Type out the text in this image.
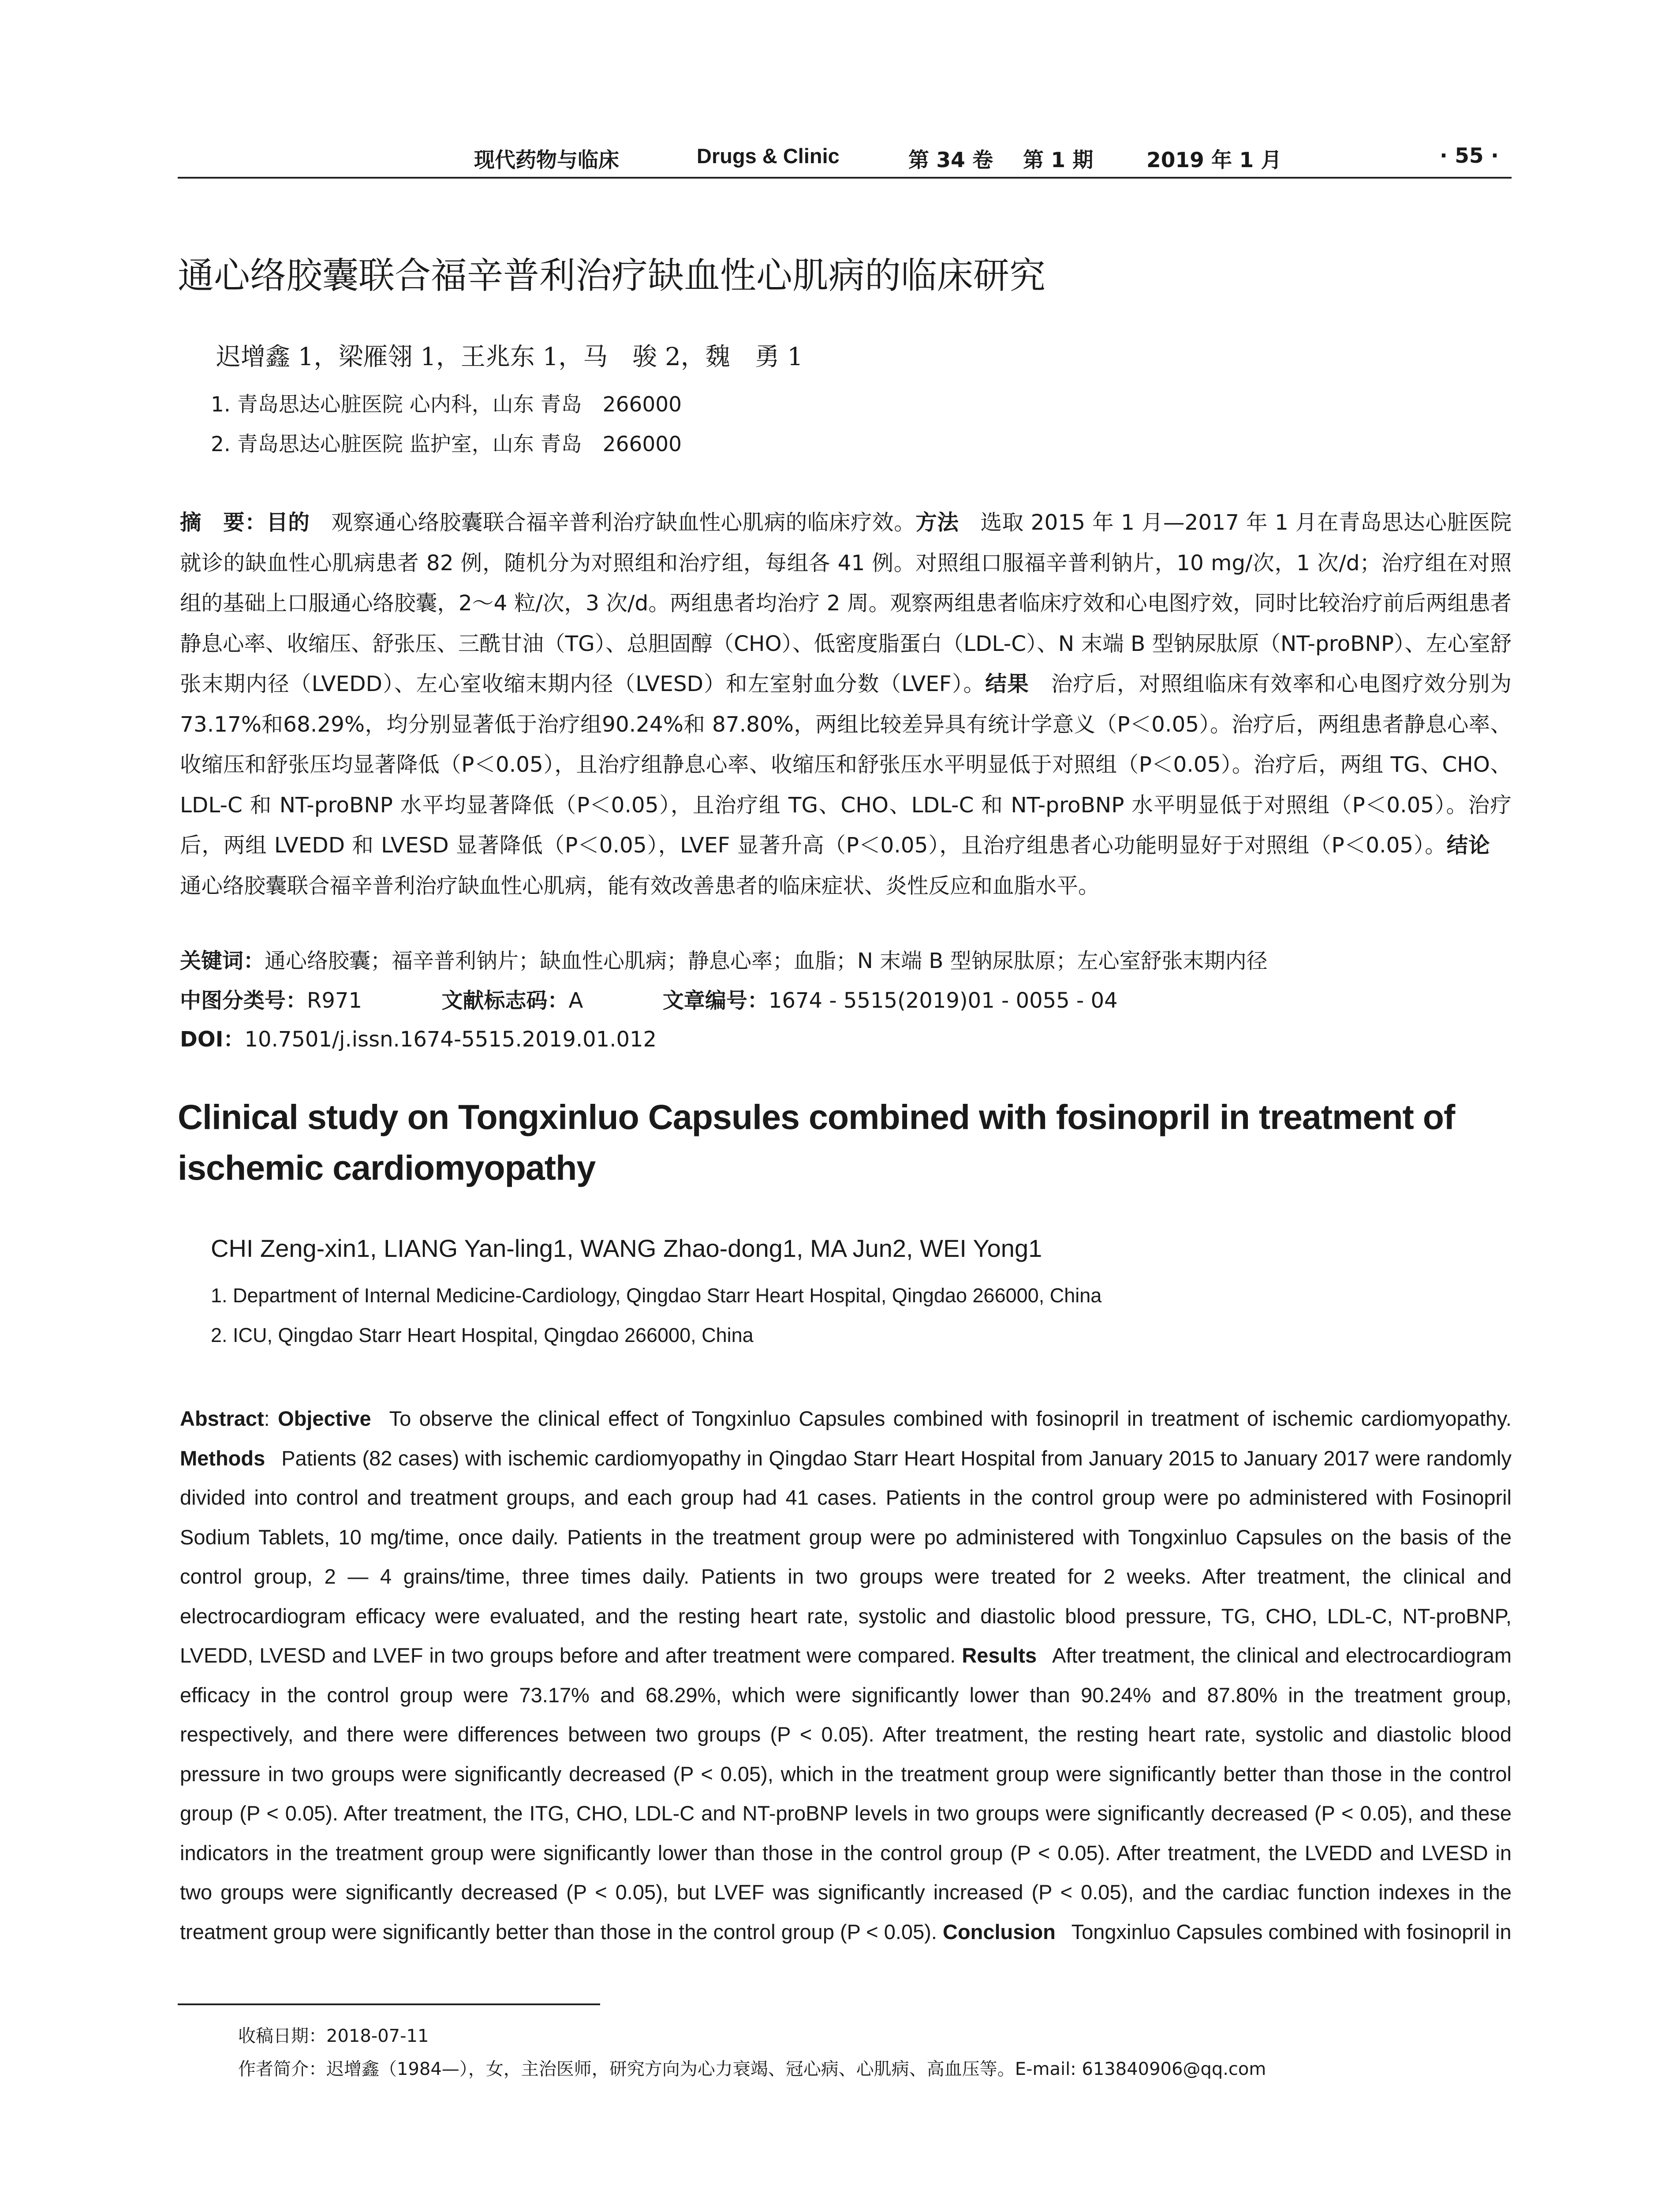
现代药物与临床	Drugs & Clinic	第 34 卷 第 1 期	2019 年 1 月	· 55 ·
通心络胶囊联合福辛普利治疗缺血性心肌病的临床研究
迟增鑫 1，梁雁翎 1，王兆东 1，马　骏 2，魏　勇 1
1. 青岛思达心脏医院 心内科，山东 青岛　266000
2. 青岛思达心脏医院 监护室，山东 青岛　266000
摘　要：目的  观察通心络胶囊联合福辛普利治疗缺血性心肌病的临床疗效。方法  选取 2015 年 1 月—2017 年 1 月在青岛思达心脏医院就诊的缺血性心肌病患者 82 例，随机分为对照组和治疗组，每组各 41 例。对照组口服福辛普利钠片，10 mg/次，1 次/d；治疗组在对照组的基础上口服通心络胶囊，2～4 粒/次，3 次/d。两组患者均治疗 2 周。观察两组患者临床疗效和心电图疗效，同时比较治疗前后两组患者静息心率、收缩压、舒张压、三酰甘油（TG）、总胆固醇（CHO）、低密度脂蛋白（LDL-C）、N 末端 B 型钠尿肽原（NT-proBNP）、左心室舒张末期内径（LVEDD）、左心室收缩末期内径（LVESD）和左室射血分数（LVEF）。结果  治疗后，对照组临床有效率和心电图疗效分别为73.17%和68.29%，均分别显著低于治疗组90.24%和 87.80%，两组比较差异具有统计学意义（P＜0.05）。治疗后，两组患者静息心率、收缩压和舒张压均显著降低（P＜0.05），且治疗组静息心率、收缩压和舒张压水平明显低于对照组（P＜0.05）。治疗后，两组 TG、CHO、LDL-C 和 NT-proBNP 水平均显著降低（P＜0.05），且治疗组 TG、CHO、LDL-C 和 NT-proBNP 水平明显低于对照组（P＜0.05）。治疗后，两组 LVEDD 和 LVESD 显著降低（P＜0.05），LVEF 显著升高（P＜0.05），且治疗组患者心功能明显好于对照组（P＜0.05）。结论 通心络胶囊联合福辛普利治疗缺血性心肌病，能有效改善患者的临床症状、炎性反应和血脂水平。
关键词：通心络胶囊；福辛普利钠片；缺血性心肌病；静息心率；血脂；N 末端 B 型钠尿肽原；左心室舒张末期内径
中图分类号：R971	文献标志码：A	文章编号：1674 - 5515(2019)01 - 0055 - 04
DOI：10.7501/j.issn.1674-5515.2019.01.012
Clinical study on Tongxinluo Capsules combined with fosinopril in treatment of ischemic cardiomyopathy
CHI Zeng-xin1, LIANG Yan-ling1, WANG Zhao-dong1, MA Jun2, WEI Yong1
1. Department of Internal Medicine-Cardiology, Qingdao Starr Heart Hospital, Qingdao 266000, China
2. ICU, Qingdao Starr Heart Hospital, Qingdao 266000, China
Abstract: Objective  To observe the clinical effect of Tongxinluo Capsules combined with fosinopril in treatment of ischemic cardiomyopathy. Methods  Patients (82 cases) with ischemic cardiomyopathy in Qingdao Starr Heart Hospital from January 2015 to January 2017 were randomly divided into control and treatment groups, and each group had 41 cases. Patients in the control group were po administered with Fosinopril Sodium Tablets, 10 mg/time, once daily. Patients in the treatment group were po administered with Tongxinluo Capsules on the basis of the control group, 2 — 4 grains/time, three times daily. Patients in two groups were treated for 2 weeks. After treatment, the clinical and electrocardiogram efficacy were evaluated, and the resting heart rate, systolic and diastolic blood pressure, TG, CHO, LDL-C, NT-proBNP, LVEDD, LVESD and LVEF in two groups before and after treatment were compared. Results  After treatment, the clinical and electrocardiogram efficacy in the control group were 73.17% and 68.29%, which were significantly lower than 90.24% and 87.80% in the treatment group, respectively, and there were differences between two groups (P < 0.05). After treatment, the resting heart rate, systolic and diastolic blood pressure in two groups were significantly decreased (P < 0.05), which in the treatment group were significantly better than those in the control group (P < 0.05). After treatment, the ITG, CHO, LDL-C and NT-proBNP levels in two groups were significantly decreased (P < 0.05), and these indicators in the treatment group were significantly lower than those in the control group (P < 0.05). After treatment, the LVEDD and LVESD in two groups were significantly decreased (P < 0.05), but LVEF was significantly increased (P < 0.05), and the cardiac function indexes in the treatment group were significantly better than those in the control group (P < 0.05). Conclusion  Tongxinluo Capsules combined with fosinopril in
收稿日期：2018-07-11
作者简介：迟增鑫（1984—），女，主治医师，研究方向为心力衰竭、冠心病、心肌病、高血压等。E-mail: 613840906@qq.com
